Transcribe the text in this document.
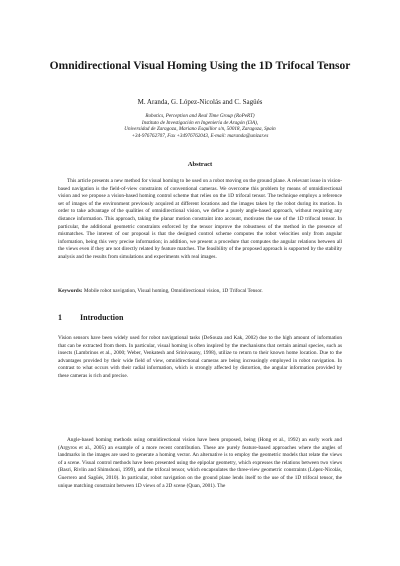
Omnidirectional Visual Homing Using the 1D Trifocal Tensor
M. Aranda, G. López-Nicolás and C. Sagüés
Robotics, Perception and Real Time Group (RoPeRT)
Instituto de Investigación en Ingeniería de Aragón (I3A),
Universidad de Zaragoza, Mariano Esquillor s/n, 50018, Zaragoza, Spain
+34-976762707, Fax +34976762043, E-mail: maranda@unizar.es
Abstract
This article presents a new method for visual homing to be used on a robot moving on the ground plane. A relevant issue in vision-based navigation is the field-of-view constraints of conventional cameras. We overcome this problem by means of omnidirectional vision and we propose a vision-based homing control scheme that relies on the 1D trifocal tensor. The technique employs a reference set of images of the environment previously acquired at different locations and the images taken by the robot during its motion. In order to take advantage of the qualities of omnidirectional vision, we define a purely angle-based approach, without requiring any distance information. This approach, taking the planar motion constraint into account, motivates the use of the 1D trifocal tensor. In particular, the additional geometric constraints enforced by the tensor improve the robustness of the method in the presence of mismatches. The interest of our proposal is that the designed control scheme computes the robot velocities only from angular information, being this very precise information; in addition, we present a procedure that computes the angular relations between all the views even if they are not directly related by feature matches. The feasibility of the proposed approach is supported by the stability analysis and the results from simulations and experiments with real images.
Keywords: Mobile robot navigation, Visual homing, Omnidirectional vision, 1D Trifocal Tensor.
1 Introduction
Vision sensors have been widely used for robot navigational tasks (DeSouza and Kak, 2002) due to the high amount of information that can be extracted from them. In particular, visual homing is often inspired by the mechanisms that certain animal species, such as insects (Lambrinos et al., 2000; Weber, Venkatesh and Srinivasany, 1998), utilize to return to their known home location. Due to the advantages provided by their wide field of view, omnidirectional cameras are being increasingly employed in robot navigation. In contrast to what occurs with their radial information, which is strongly affected by distortion, the angular information provided by these cameras is rich and precise.
Angle-based homing methods using omnidirectional vision have been proposed, being (Hong et al., 1992) an early work and (Argyros et al., 2005) an example of a more recent contribution. These are purely feature-based approaches where the angles of landmarks in the images are used to generate a homing vector. An alternative is to employ the geometric models that relate the views of a scene. Visual control methods have been presented using the epipolar geometry, which expresses the relations between two views (Basri, Rivlin and Shimshoni, 1999), and the trifocal tensor, which encapsulates the three-view geometric constraints (López-Nicolás, Guerrero and Sagüés, 2010). In particular, robot navigation on the ground plane lends itself to the use of the 1D trifocal tensor, the unique matching constraint between 1D views of a 2D scene (Quan, 2001). The
